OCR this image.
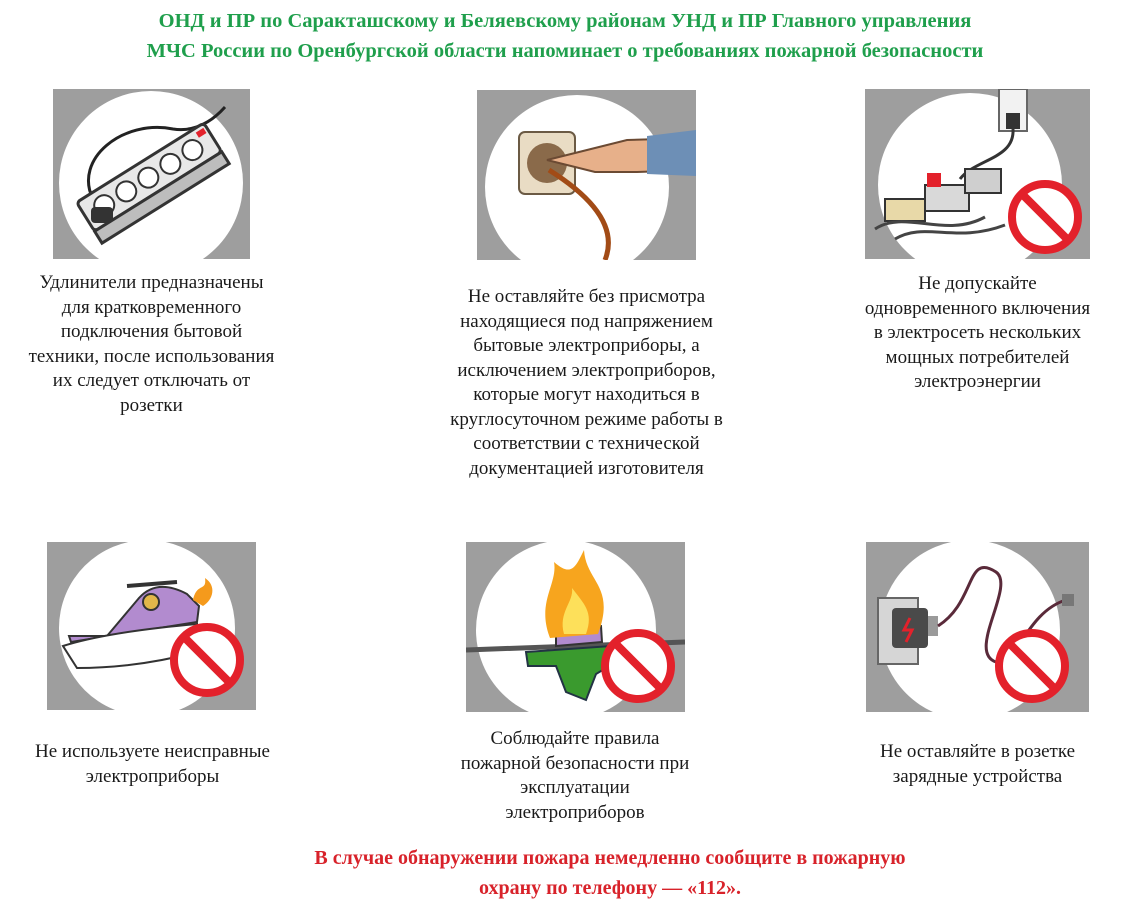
ОНД и ПР по Саракташскому и Беляевскому районам УНД и ПР Главного управления
МЧС России по Оренбургской области напоминает о требованиях пожарной безопасности
Удлинители предназначены
для кратковременного
подключения бытовой
техники, после использования
их следует отключать от
розетки
Не оставляйте без присмотра
находящиеся под напряжением
бытовые электроприборы, а
исключением электроприборов,
которые могут находиться в
круглосуточном режиме работы в
соответствии с технической
документацией изготовителя
Не допускайте
одновременного включения
в электросеть нескольких
мощных потребителей
электроэнергии
Не используете неисправные
электроприборы
Соблюдайте правила
пожарной безопасности при
эксплуатации
электроприборов
Не оставляйте в розетке
зарядные устройства
В случае обнаружении пожара немедленно сообщите в пожарную
охрану по телефону — «112».
